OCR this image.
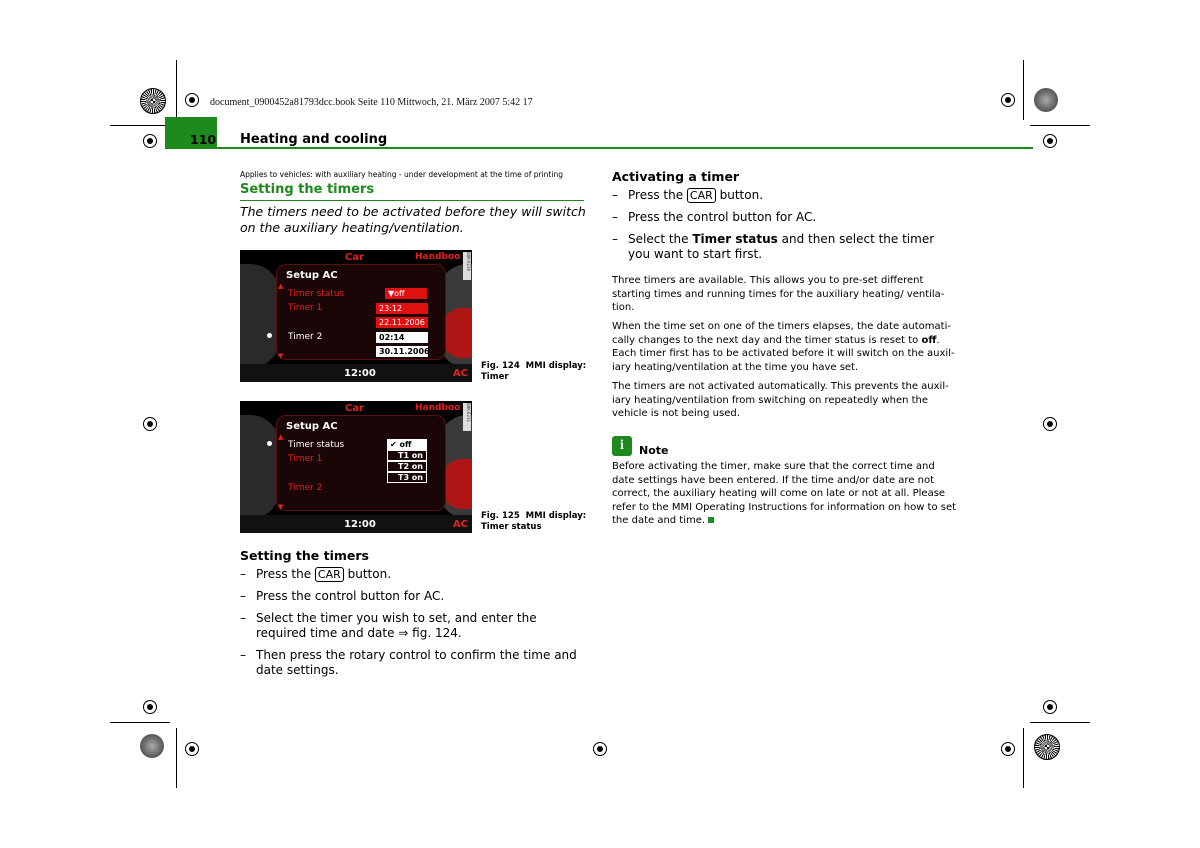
document_0900452a81793dcc.book Seite 110 Mittwoch, 21. März 2007 5:42 17
110 Heating and cooling
Applies to vehicles: with auxiliary heating - under development at the time of printing
Setting the timers
The timers need to be activated before they will switch on the auxiliary heating/ventilation.
Car	Handboo	B8K-0230
Setup AC
▲
Timer status	▼off
Timer 1	23:12
22.11.2006
Timer 2	02:14
30.11.2006
▼
12:00	AC
Fig. 124 MMI display: Timer
Car	Handboo	B8K-0231
Setup AC
▲
Timer status
Timer 1
Timer 2
✔ off
T1 on
T2 on
T3 on
▼
12:00	AC
Fig. 125 MMI display: Timer status
Setting the timers
– Press the CAR button.
– Press the control button for AC.
– Select the timer you wish to set, and enter the required time and date ⇒ fig. 124.
– Then press the rotary control to confirm the time and date settings.
Activating a timer
– Press the CAR button.
– Press the control button for AC.
– Select the Timer status and then select the timer you want to start first.
Three timers are available. This allows you to pre-set different starting times and running times for the auxiliary heating/ ventila-tion.
When the time set on one of the timers elapses, the date automati-cally changes to the next day and the timer status is reset to off. Each timer first has to be activated before it will switch on the auxil-iary heating/ventilation at the time you have set.
The timers are not activated automatically. This prevents the auxil-iary heating/ventilation from switching on repeatedly when the vehicle is not being used.
i	Note
Before activating the timer, make sure that the correct time and date settings have been entered. If the time and/or date are not correct, the auxiliary heating will come on late or not at all. Please refer to the MMI Operating Instructions for information on how to set the date and time.
